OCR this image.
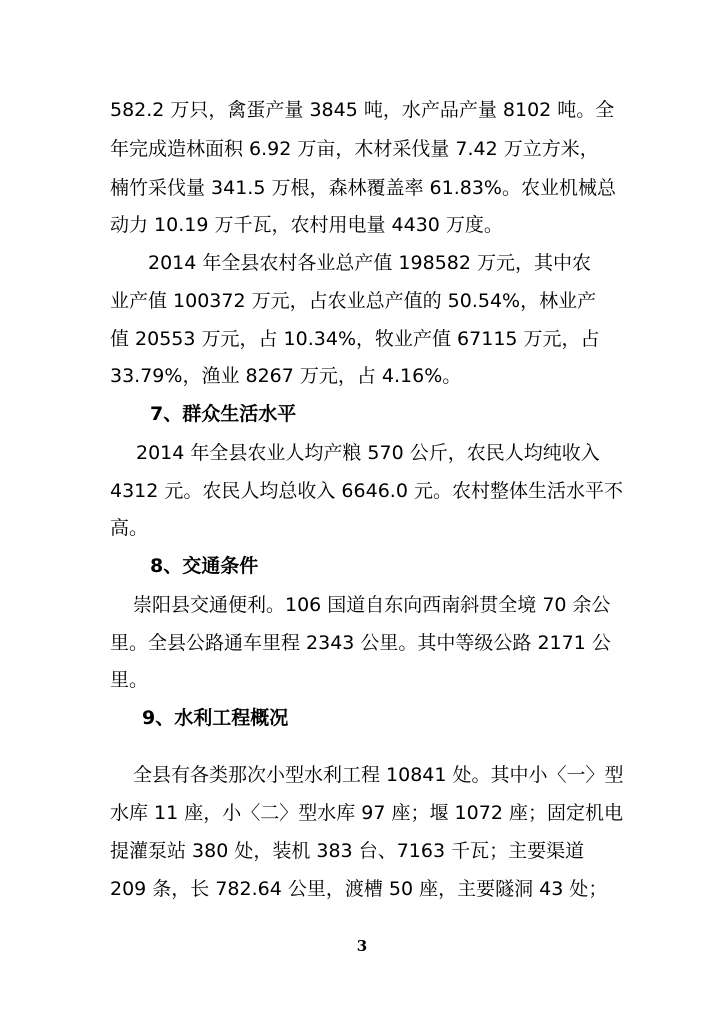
582.2 万只，禽蛋产量 3845 吨，水产品产量 8102 吨。全
年完成造林面积 6.92 万亩，木材采伐量 7.42 万立方米，
楠竹采伐量 341.5 万根，森林覆盖率 61.83%。农业机械总
动力 10.19 万千瓦，农村用电量 4430 万度。
2014 年全县农村各业总产值 198582 万元，其中农
业产值 100372 万元，占农业总产值的 50.54%，林业产
值 20553 万元，占 10.34%，牧业产值 67115 万元，占
33.79%，渔业 8267 万元，占 4.16%。
7、群众生活水平
2014 年全县农业人均产粮 570 公斤，农民人均纯收入
4312 元。农民人均总收入 6646.0 元。农村整体生活水平不
高。
8、交通条件
崇阳县交通便利。106 国道自东向西南斜贯全境 70 余公
里。全县公路通车里程 2343 公里。其中等级公路 2171 公
里。
9、水利工程概况
全县有各类那次小型水利工程 10841 处。其中小〈一〉型
水库 11 座，小〈二〉型水库 97 座；堰 1072 座；固定机电
提灌泵站 380 处，装机 383 台、7163 千瓦；主要渠道
209 条，长 782.64 公里，渡槽 50 座，主要隧洞 43 处；
3
